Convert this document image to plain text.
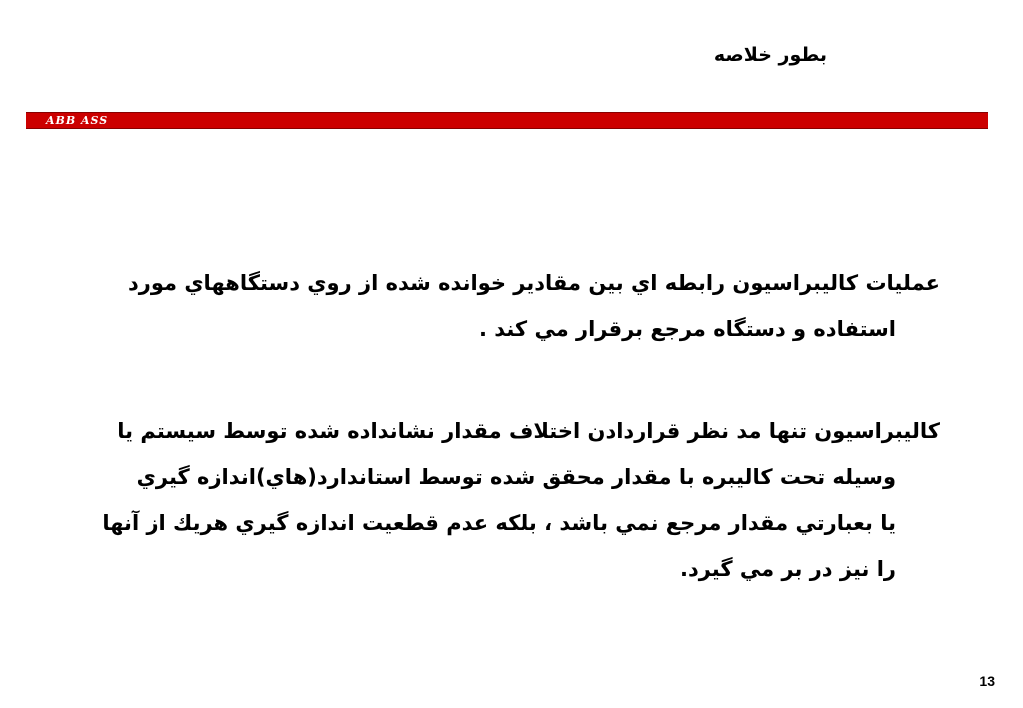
بطور خلاصه
ABB ASS
عمليات كاليبراسيون رابطه اي بين مقادير خوانده شده از روي دستگاههاي مورد
استفاده و دستگاه مرجع برقرار مي كند .
كاليبراسيون تنها مد نظر قراردادن اختلاف مقدار نشانداده شده توسط سيستم يا
وسيله تحت كاليبره با مقدار محقق شده توسط استاندارد(هاي)اندازه گيري
يا بعبارتي مقدار مرجع نمي باشد ، بلكه عدم قطعيت اندازه گيري هريك از آنها
را نيز در بر مي گيرد.
13
